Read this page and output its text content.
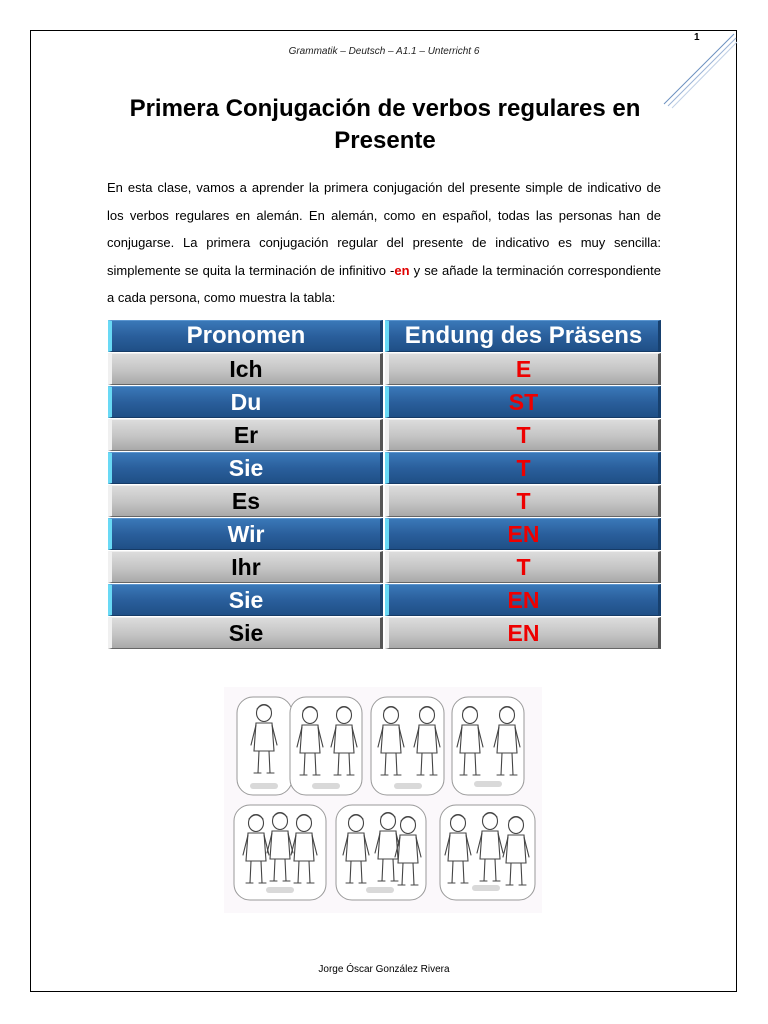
1
Grammatik – Deutsch – A1.1 – Unterricht 6
Primera Conjugación de verbos regulares en Presente
En esta clase, vamos a aprender la primera conjugación del presente simple de indicativo de los verbos regulares en alemán. En alemán, como en español, todas las personas han de conjugarse. La primera conjugación regular del presente de indicativo es muy sencilla: simplemente se quita la terminación de infinitivo -en y se añade la terminación correspondiente a cada persona, como muestra la tabla:
Pronomen	Endung des Präsens
Ich	E
Du	ST
Er	T
Sie	T
Es	T
Wir	EN
Ihr	T
Sie	EN
Sie	EN
Jorge Óscar González Rivera
